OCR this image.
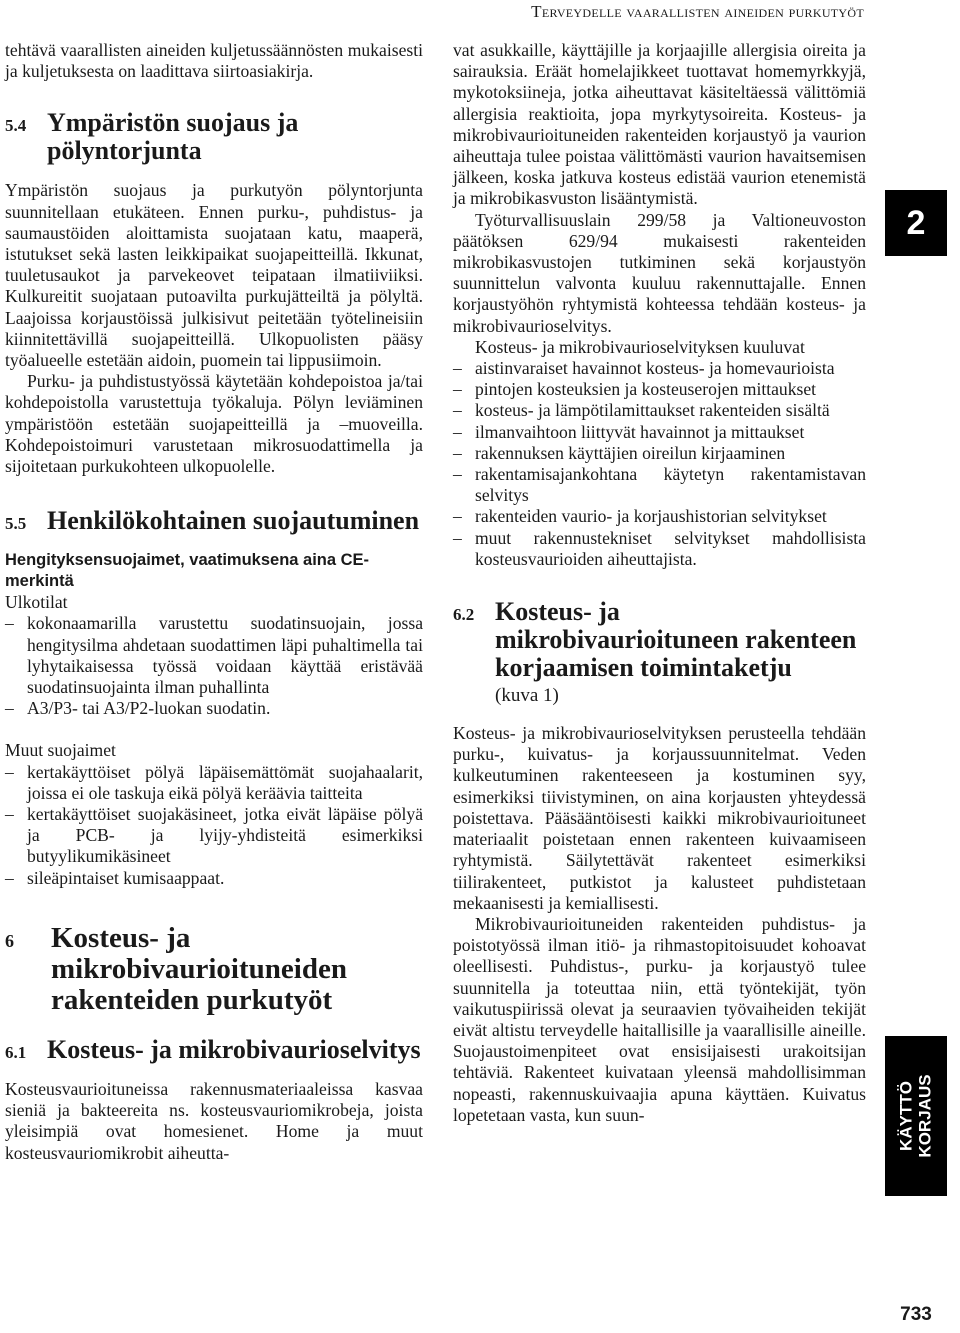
Terveydelle vaarallisten aineiden purkutyöt

tehtävä vaarallisten aineiden kuljetussäännösten mukaisesti ja kuljetuksesta on laadittava siirtoasiakirja.

5.4 Ympäristön suojaus ja pölyntorjunta

Ympäristön suojaus ja purkutyön pölyntorjunta suunnitellaan etukäteen. Ennen purku-, puhdistus- ja saumaustöiden aloittamista suojataan katu, maaperä, istutukset sekä lasten leikkipaikat suojapeitteillä. Ikkunat, tuuletusaukot ja parvekeovet teipataan ilmatiiviiksi. Kulkureitit suojataan putoavilta purkujätteiltä ja pölyltä. Laajoissa korjaustöissä julkisivut peitetään työtelineisiin kiinnitettävillä suojapeitteillä. Ulkopuolisten pääsy työalueelle estetään aidoin, puomein tai lippusiimoin.

Purku- ja puhdistustyössä käytetään kohdepoistoa ja/tai kohdepoistolla varustettuja työkaluja. Pölyn leviäminen ympäristöön estetään suojapeitteillä ja –muoveilla. Kohdepoistoimuri varustetaan mikrosuodattimella ja sijoitetaan purkukohteen ulkopuolelle.

5.5 Henkilökohtainen suojautuminen
Hengityksensuojaimet, vaatimuksena aina CE-merkintä

Ulkotilat

– kokonaamarilla varustettu suodatinsuojain, jossa hengitysilma ahdetaan suodattimen läpi puhaltimella tai lyhytaikaisessa työssä voidaan käyttää eristävää suodatinsuojainta ilman puhallinta
– A3/P3- tai A3/P2-luokan suodatin.

Muut suojaimet

– kertakäyttöiset pölyä läpäisemättömät suojahaalarit, joissa ei ole taskuja eikä pölyä keräävia taitteita
– kertakäyttöiset suojakäsineet, jotka eivät läpäise pölyä ja PCB- ja lyijy-yhdisteitä esimerkiksi butyylikumikäsineet
– sileäpintaiset kumisaappaat.
6	Kosteus- ja mikrobivaurioituneiden rakenteiden purkutyöt
6.1 Kosteus- ja mikrobivaurioselvitys

Kosteusvaurioituneissa rakennusmateriaaleissa kasvaa sieniä ja bakteereita ns. kosteusvauriomikrobeja, joista yleisimpiä ovat homesienet. Home ja muut kosteusvauriomikrobit aiheutta-

vat asukkaille, käyttäjille ja korjaajille allergisia oireita ja sairauksia. Eräät homelajikkeet tuottavat homemyrkkyjä, mykotoksiineja, jotka aiheuttavat käsiteltäessä välittömiä allergisia reaktioita, jopa myrkytysoireita. Kosteus- ja mikrobivaurioituneiden rakenteiden korjaustyö ja vaurion aiheuttaja tulee poistaa välittömästi vaurion havaitsemisen jälkeen, koska jatkuva kosteus edistää vaurion etenemistä ja mikrobikasvuston lisääntymistä.

Työturvallisuuslain 299/58 ja Valtioneuvoston päätöksen 629/94 mukaisesti rakenteiden mikrobikasvustojen tutkiminen sekä korjaustyön suunnittelun valvonta kuuluu rakennuttajalle. Ennen korjaustyöhön ryhtymistä kohteessa tehdään kosteus- ja mikrobivaurioselvitys.

Kosteus- ja mikrobivaurioselvityksen kuuluvat

– aistinvaraiset havainnot kosteus- ja homevaurioista
– pintojen kosteuksien ja kosteuserojen mittaukset
– kosteus- ja lämpötilamittaukset rakenteiden sisältä
– ilmanvaihtoon liittyvät havainnot ja mittaukset
– rakennuksen käyttäjien oireilun kirjaaminen
– rakentamisajankohtana käytetyn rakentamistavan selvitys
– rakenteiden vaurio- ja korjaushistorian selvitykset
– muut rakennustekniset selvitykset mahdollisista kosteusvaurioiden aiheuttajista.
6.2 Kosteus- ja mikrobivaurioituneen rakenteen korjaamisen toimintaketju
(kuva 1)

Kosteus- ja mikrobivaurioselvityksen perusteella tehdään purku-, kuivatus- ja korjaussuunnitelmat. Veden kulkeutuminen rakenteeseen ja kostuminen syy, esimerkiksi tiivistyminen, on aina korjausten yhteydessä poistettava. Pääsääntöisesti kaikki mikrobivaurioituneet materiaalit poistetaan ennen rakenteen kuivaamiseen ryhtymistä. Säilytettävät rakenteet esimerkiksi tiilirakenteet, putkistot ja kalusteet puhdistetaan mekaanisesti ja kemiallisesti.

Mikrobivaurioituneiden rakenteiden puhdistus- ja poistotyössä ilman itiö- ja rihmastopitoisuudet kohoavat oleellisesti. Puhdistus-, purku- ja korjaustyö tulee suunnitella ja toteuttaa niin, että työntekijät, työn vaikutuspiirissä olevat ja seuraavien työvaiheiden tekijät eivät altistu terveydelle haitallisille ja vaarallisille aineille. Suojaustoimenpiteet ovat ensisijaisesti urakoitsijan tehtäviä. Rakenteet kuivataan yleensä mahdollisimman nopeasti, rakennuskuivaajia apuna käyttäen. Kuivatus lopetetaan vasta, kun suun-

2
KÄYTTÖ KORJAUS
733
